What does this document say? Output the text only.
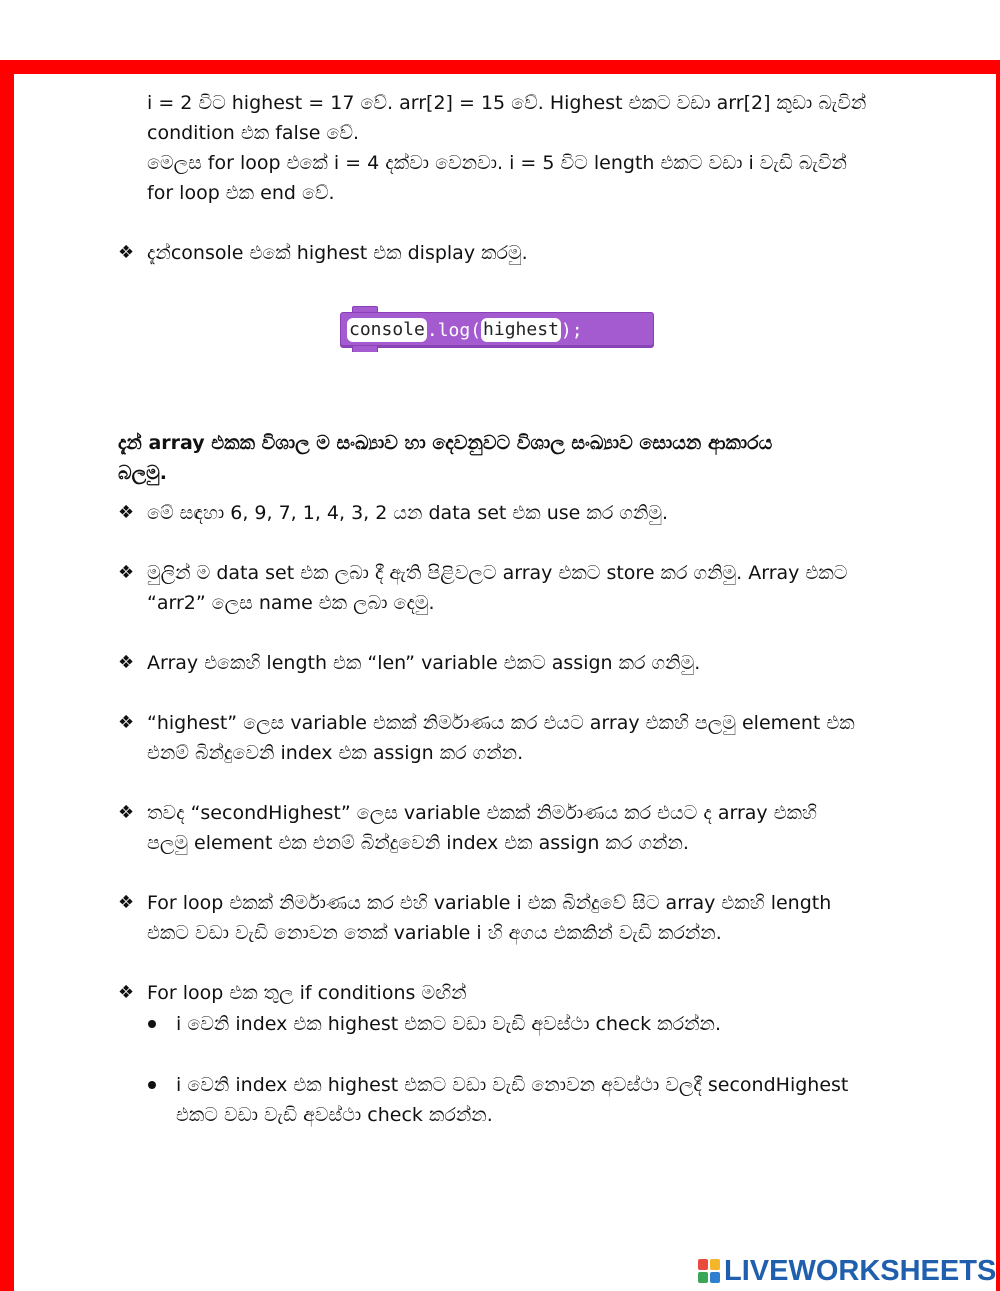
i = 2 විට highest = 17 වේ. arr[2] = 15 වේ. Highest එකට වඩා arr[2] කුඩා බැවින්
condition එක false වේ.
මෙලස for loop එකේ i = 4 දක්වා වෙනවා. i = 5 විට length එකට වඩා i වැඩි බැවින්
for loop එක end වේ.
❖ දැන්console එකේ highest එක display කරමු.
console .log( highest );
දැන් array එකක විශාල ම සංඛ්‍යාව හා දෙවනුවට විශාල සංඛ්‍යාව සොයන ආකාරය
බලමු.
❖ මේ සඳහා 6, 9, 7, 1, 4, 3, 2 යන data set එක use කර ගනිමු.
❖ මුලින් ම data set එක ලබා දී ඇති පිළිවලට array එකට store කර ගනිමු. Array එකට
“arr2” ලෙස name එක ලබා දෙමු.
❖ Array එකෙහි length එක “len” variable එකට assign කර ගනිමු.
❖ “highest” ලෙස variable එකක් නිර්මාණය කර එයට array එකහි පලමු element එක
එනම් බින්දුවෙනි index එක assign කර ගන්න.
❖ තවද “secondHighest” ලෙස variable එකක් නිර්මාණය කර එයට ද array එකහි
පලමු element එක එනම් බින්දුවෙනි index එක assign කර ගන්න.
❖ For loop එකක් නිර්මාණය කර එහි variable i එක බින්දුවේ සිට array එකහි length
එකට වඩා වැඩි නොවන තෙක් variable i හි අගය එකකින් වැඩි කරන්න.
❖ For loop එක තුල if conditions මඟින්
i වෙනි index එක highest එකට වඩා වැඩි අවස්ථා check කරන්න.
i වෙනි index එක highest එකට වඩා වැඩි නොවන අවස්ථා වලදී secondHighest
එකට වඩා වැඩි අවස්ථා check කරන්න.
LIVEWORKSHEETS
